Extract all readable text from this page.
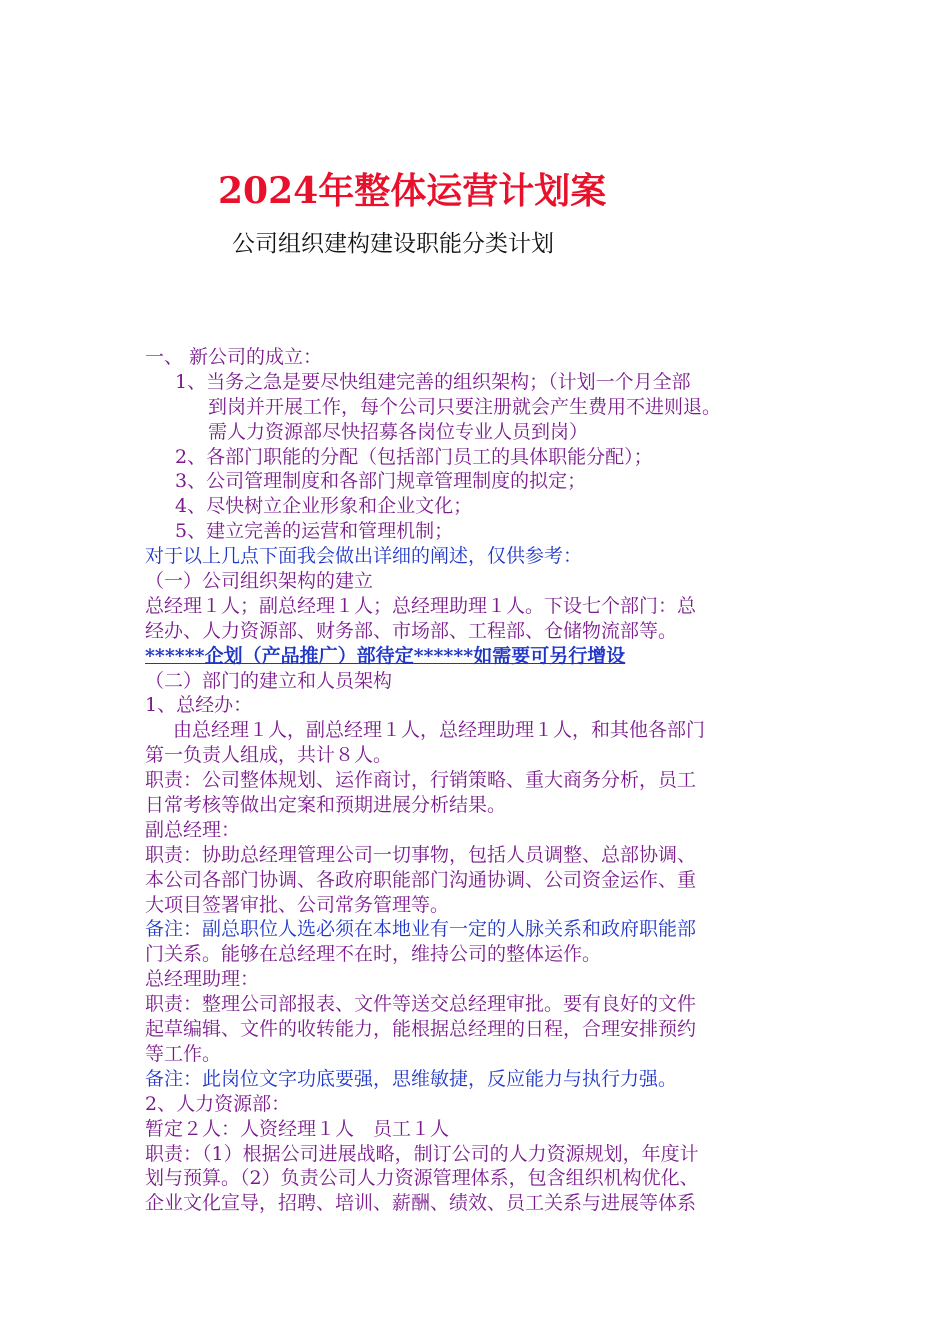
2024年整体运营计划案
公司组织建构建设职能分类计划
一、 新公司的成立：
1、当务之急是要尽快组建完善的组织架构；（计划一个月全部
到岗并开展工作，每个公司只要注册就会产生费用不进则退。
需人力资源部尽快招募各岗位专业人员到岗）
2、各部门职能的分配（包括部门员工的具体职能分配）；
3、公司管理制度和各部门规章管理制度的拟定；
4、尽快树立企业形象和企业文化；
5、建立完善的运营和管理机制；
对于以上几点下面我会做出详细的阐述，仅供参考：
（一）公司组织架构的建立
总经理１人；副总经理１人；总经理助理１人。下设七个部门：总
经办、人力资源部、财务部、市场部、工程部、仓储物流部等。
******企划（产品推广）部待定******如需要可另行增设
（二）部门的建立和人员架构
1、总经办：
由总经理１人，副总经理１人，总经理助理１人，和其他各部门
第一负责人组成，共计８人。
职责：公司整体规划、运作商讨，行销策略、重大商务分析，员工
日常考核等做出定案和预期进展分析结果。
副总经理：
职责：协助总经理管理公司一切事物，包括人员调整、总部协调、
本公司各部门协调、各政府职能部门沟通协调、公司资金运作、重
大项目签署审批、公司常务管理等。
备注：副总职位人选必须在本地业有一定的人脉关系和政府职能部
门关系。能够在总经理不在时，维持公司的整体运作。
总经理助理：
职责：整理公司部报表、文件等送交总经理审批。要有良好的文件
起草编辑、文件的收转能力，能根据总经理的日程，合理安排预约
等工作。
备注：此岗位文字功底要强，思维敏捷，反应能力与执行力强。
2、人力资源部：
暂定２人：人资经理１人　员工１人
职责：（1）根据公司进展战略，制订公司的人力资源规划，年度计
划与预算。（2）负责公司人力资源管理体系，包含组织机构优化、
企业文化宣导，招聘、培训、薪酬、绩效、员工关系与进展等体系
